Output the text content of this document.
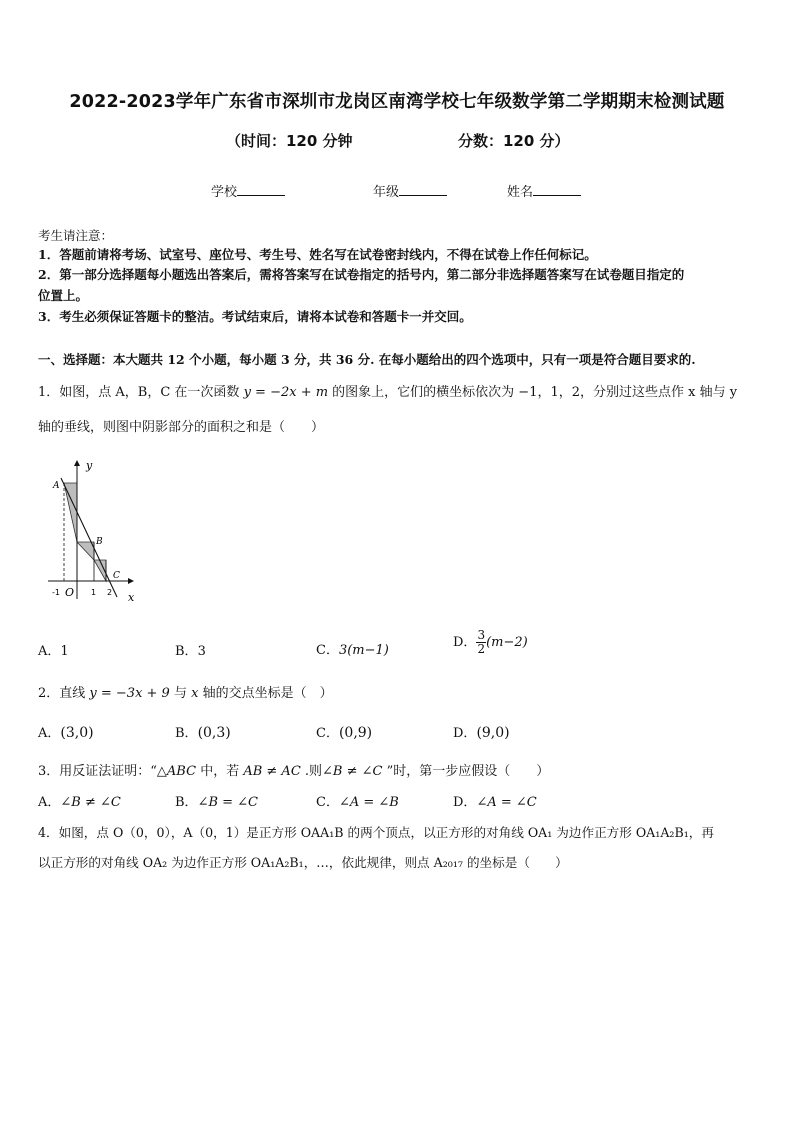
2022-2023学年广东省市深圳市龙岗区南湾学校七年级数学第二学期期末检测试题
（时间：120 分钟	分数：120 分）
学校	年级	姓名
考生请注意：
1．答题前请将考场、试室号、座位号、考生号、姓名写在试卷密封线内，不得在试卷上作任何标记。
2．第一部分选择题每小题选出答案后，需将答案写在试卷指定的括号内，第二部分非选择题答案写在试卷题目指定的
位置上。
3．考生必须保证答题卡的整洁。考试结束后，请将本试卷和答题卡一并交回。
一、选择题：本大题共 12 个小题，每小题 3 分，共 36 分. 在每小题给出的四个选项中，只有一项是符合题目要求的.
1．如图，点 A，B，C 在一次函数 y = −2x + m 的图象上，它们的横坐标依次为 −1，1，2，分别过这些点作 x 轴与 y
轴的垂线，则图中阴影部分的面积之和是（　　）
y
x
A
B
C
O
-1	1 2
A．1	B．3	C．3(m−1)
D． $\frac{3}{2} (m-2)$
2．直线 y = −3x + 9 与 x 轴的交点坐标是（　）
A．(3,0)	B．(0,3)	C．(0,9)	D．(9,0)
3．用反证法证明：“△ABC 中，若 AB ≠ AC .则∠B ≠ ∠C ”时，第一步应假设（　　）
A．∠B ≠ ∠C	B．∠B = ∠C	C．∠A = ∠B	D．∠A = ∠C
4．如图，点 O（0，0），A（0，1）是正方形 OAA₁B 的两个顶点，以正方形的对角线 OA₁ 为边作正方形 OA₁A₂B₁，再
以正方形的对角线 OA₂ 为边作正方形 OA₁A₂B₁，…，依此规律，则点 A₂₀₁₇ 的坐标是（　　）
